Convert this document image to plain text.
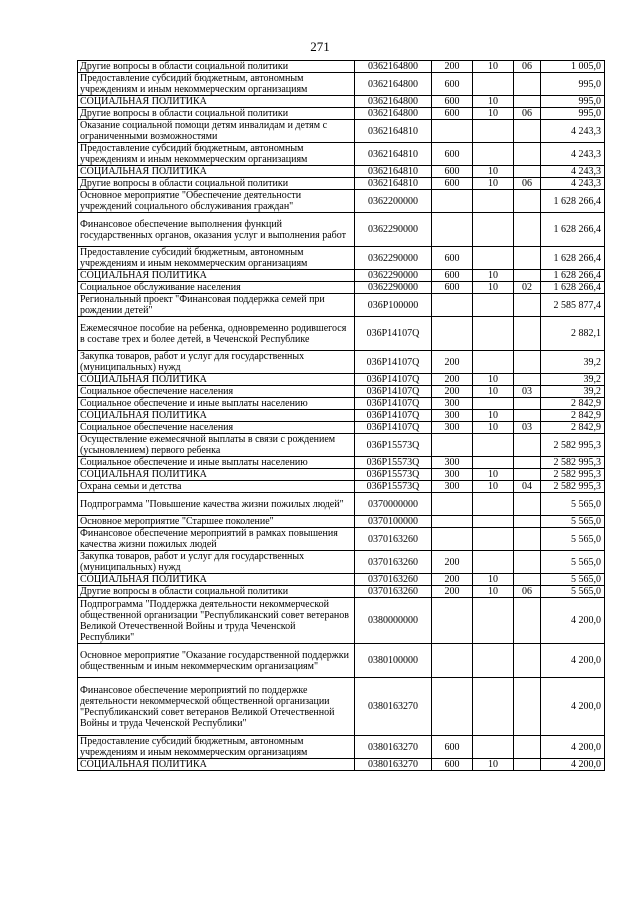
271
Другие вопросы в области социальной политики	0362164800	200	10	06	1 005,0
Предоставление субсидий бюджетным, автономным учреждениям и иным некоммерческим организациям	0362164800	600			995,0
СОЦИАЛЬНАЯ ПОЛИТИКА	0362164800	600	10		995,0
Другие вопросы в области социальной политики	0362164800	600	10	06	995,0
Оказание социальной помощи детям инвалидам и детям с ограниченными возможностями	0362164810				4 243,3
Предоставление субсидий бюджетным, автономным учреждениям и иным некоммерческим организациям	0362164810	600			4 243,3
СОЦИАЛЬНАЯ ПОЛИТИКА	0362164810	600	10		4 243,3
Другие вопросы в области социальной политики	0362164810	600	10	06	4 243,3
Основное мероприятие "Обеспечение деятельности учреждений социального обслуживания граждан"	0362200000				1 628 266,4
Финансовое обеспечение выполнения функций государственных органов, оказания услуг и выполнения работ	0362290000				1 628 266,4
Предоставление субсидий бюджетным, автономным учреждениям и иным некоммерческим организациям	0362290000	600			1 628 266,4
СОЦИАЛЬНАЯ ПОЛИТИКА	0362290000	600	10		1 628 266,4
Социальное обслуживание населения	0362290000	600	10	02	1 628 266,4
Региональный проект "Финансовая поддержка семей при рождении детей"	036P100000				2 585 877,4
Ежемесячное пособие на ребенка, одновременно родившегося в составе трех и более детей, в Чеченской Республике	036P14107Q				2 882,1
Закупка товаров, работ и услуг для государственных (муниципальных) нужд	036P14107Q	200			39,2
СОЦИАЛЬНАЯ ПОЛИТИКА	036P14107Q	200	10		39,2
Социальное обеспечение населения	036P14107Q	200	10	03	39,2
Социальное обеспечение и иные выплаты населению	036P14107Q	300			2 842,9
СОЦИАЛЬНАЯ ПОЛИТИКА	036P14107Q	300	10		2 842,9
Социальное обеспечение населения	036P14107Q	300	10	03	2 842,9
Осуществление ежемесячной выплаты в связи с рождением (усыновлением) первого ребенка	036P15573Q				2 582 995,3
Социальное обеспечение и иные выплаты населению	036P15573Q	300			2 582 995,3
СОЦИАЛЬНАЯ ПОЛИТИКА	036P15573Q	300	10		2 582 995,3
Охрана семьи и детства	036P15573Q	300	10	04	2 582 995,3
Подпрограмма "Повышение качества жизни пожилых людей"	0370000000				5 565,0
Основное мероприятие "Старшее поколение"	0370100000				5 565,0
Финансовое обеспечение мероприятий в рамках повышения качества жизни пожилых людей	0370163260				5 565,0
Закупка товаров, работ и услуг для государственных (муниципальных) нужд	0370163260	200			5 565,0
СОЦИАЛЬНАЯ ПОЛИТИКА	0370163260	200	10		5 565,0
Другие вопросы в области социальной политики	0370163260	200	10	06	5 565,0
Подпрограмма "Поддержка деятельности некоммерческой общественной организации "Республиканский совет ветеранов Великой Отечественной Войны и труда Чеченской Республики"	0380000000				4 200,0
Основное мероприятие "Оказание государственной поддержки общественным и иным некоммерческим организациям"	0380100000				4 200,0
Финансовое обеспечение мероприятий по поддержке деятельности некоммерческой общественной организации "Республиканский совет ветеранов Великой Отечественной Войны и труда Чеченской Республики"	0380163270				4 200,0
Предоставление субсидий бюджетным, автономным учреждениям и иным некоммерческим организациям	0380163270	600			4 200,0
СОЦИАЛЬНАЯ ПОЛИТИКА	0380163270	600	10		4 200,0
